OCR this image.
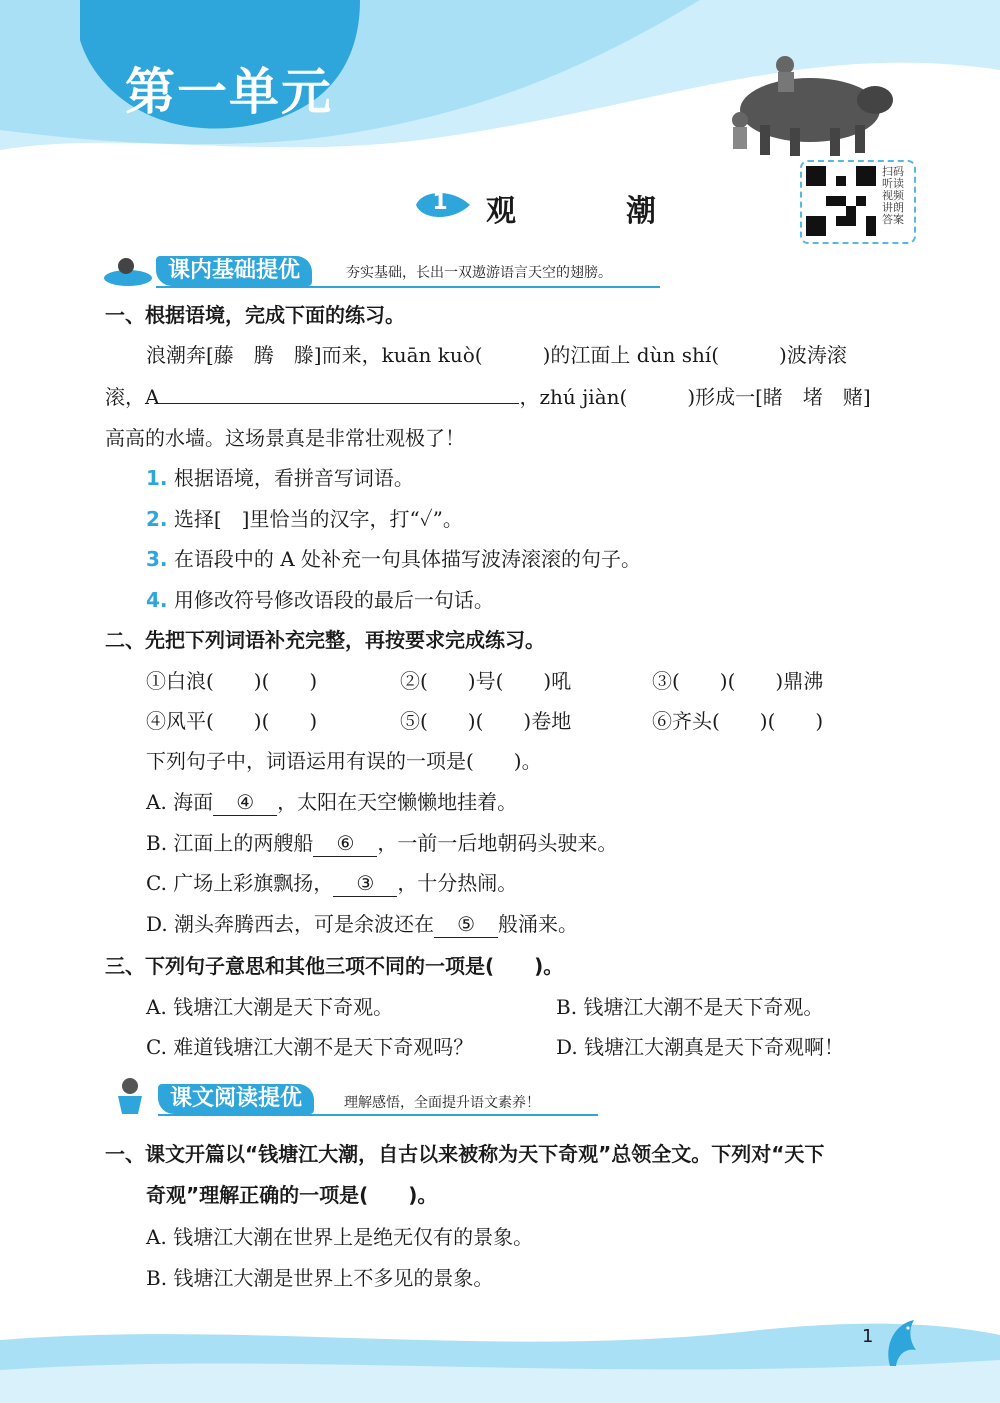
第一单元
1 观　潮
扫码听读 视频讲朗 答案
课内基础提优	夯实基础，长出一双遨游语言天空的翅膀。
一、根据语境，完成下面的练习。
浪潮奔[藤　腾　滕]而来，kuān kuò(　　　)的江面上 dùn shí(　　　)波涛滚
滚，A	，zhú jiàn(　　　)形成一[睹　堵　赌]
高高的水墙。这场景真是非常壮观极了！
1. 根据语境，看拼音写词语。
2. 选择[　]里恰当的汉字，打“✓”。
3. 在语段中的 A 处补充一句具体描写波涛滚滚的句子。
4. 用修改符号修改语段的最后一句话。
二、先把下列词语补充完整，再按要求完成练习。
①白浪(　　)(　　)	②(　　)号(　　)吼	③(　　)(　　)鼎沸
④风平(　　)(　　)	⑤(　　)(　　)卷地	⑥齐头(　　)(　　)
下列句子中，词语运用有误的一项是(　　)。
A. 海面 ④ ，太阳在天空懒懒地挂着。
B. 江面上的两艘船 ⑥ ，一前一后地朝码头驶来。
C. 广场上彩旗飘扬， ③ ，十分热闹。
D. 潮头奔腾西去，可是余波还在 ⑤ 般涌来。
三、下列句子意思和其他三项不同的一项是(　　)。
A. 钱塘江大潮是天下奇观。	B. 钱塘江大潮不是天下奇观。
C. 难道钱塘江大潮不是天下奇观吗？	D. 钱塘江大潮真是天下奇观啊！
课文阅读提优	理解感悟，全面提升语文素养！
一、课文开篇以“钱塘江大潮，自古以来被称为天下奇观”总领全文。下列对“天下
奇观”理解正确的一项是(　　)。
A. 钱塘江大潮在世界上是绝无仅有的景象。
B. 钱塘江大潮是世界上不多见的景象。
1
